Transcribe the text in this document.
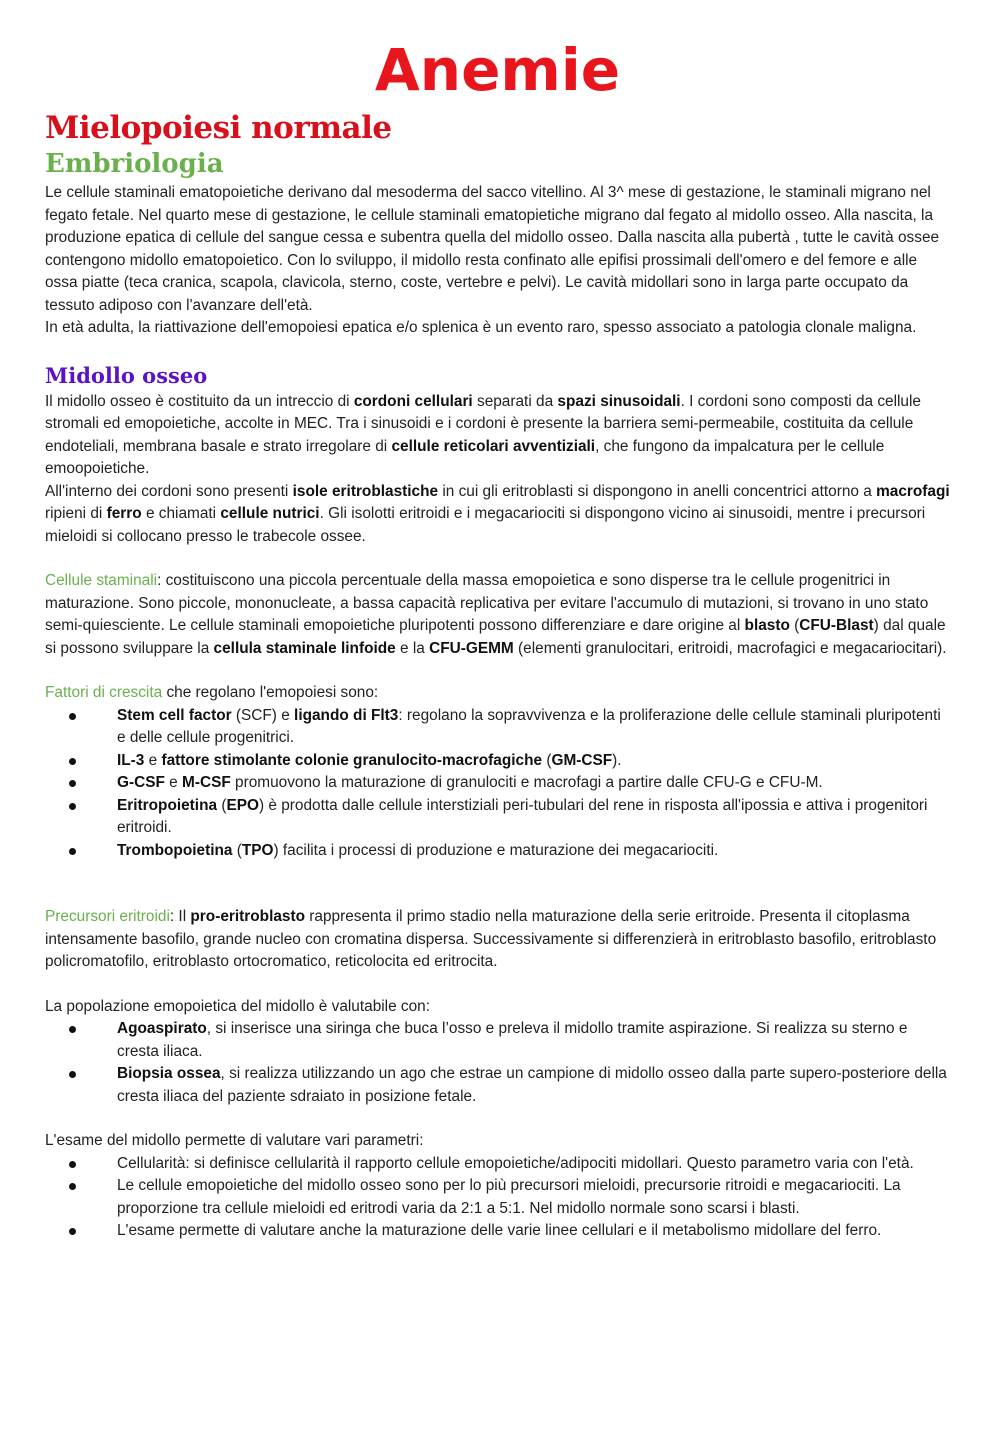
Anemie
Mielopoiesi normale
Embriologia

Le cellule staminali ematopoietiche derivano dal mesoderma del sacco vitellino. Al 3^ mese di gestazione, le staminali migrano nel fegato fetale. Nel quarto mese di gestazione, le cellule staminali ematopietiche migrano dal fegato al midollo osseo. Alla nascita, la produzione epatica di cellule del sangue cessa e subentra quella del midollo osseo. Dalla nascita alla pubertà , tutte le cavità ossee contengono midollo ematopoietico. Con lo sviluppo, il midollo resta confinato alle epifisi prossimali dell'omero e del femore e alle ossa piatte (teca cranica, scapola, clavicola, sterno, coste, vertebre e pelvi). Le cavità midollari sono in larga parte occupato da tessuto adiposo con l'avanzare dell'età.

In età adulta, la riattivazione dell'emopoiesi epatica e/o splenica è un evento raro, spesso associato a patologia clonale maligna.

Midollo osseo

Il midollo osseo è costituito da un intreccio di cordoni cellulari separati da spazi sinusoidali. I cordoni sono composti da cellule stromali ed emopoietiche, accolte in MEC. Tra i sinusoidi e i cordoni è presente la barriera semi-permeabile, costituita da cellule endoteliali, membrana basale e strato irregolare di cellule reticolari avventiziali, che fungono da impalcatura per le cellule emoopoietiche.

All'interno dei cordoni sono presenti isole eritroblastiche in cui gli eritroblasti si dispongono in anelli concentrici attorno a macrofagi ripieni di ferro e chiamati cellule nutrici. Gli isolotti eritroidi e i megacariociti si dispongono vicino ai sinusoidi, mentre i precursori mieloidi si collocano presso le trabecole ossee.

Cellule staminali: costituiscono una piccola percentuale della massa emopoietica e sono disperse tra le cellule progenitrici in maturazione. Sono piccole, mononucleate, a bassa capacità replicativa per evitare l'accumulo di mutazioni, si trovano in uno stato semi-quiesciente. Le cellule staminali emopoietiche pluripotenti possono differenziare e dare origine al blasto (CFU-Blast) dal quale si possono sviluppare la cellula staminale linfoide e la CFU-GEMM (elementi granulocitari, eritroidi, macrofagici e megacariocitari).

Fattori di crescita che regolano l'emopoiesi sono:

Stem cell factor (SCF) e ligando di Flt3: regolano la sopravvivenza e la proliferazione delle cellule staminali pluripotenti e delle cellule progenitrici.
IL-3 e fattore stimolante colonie granulocito-macrofagiche (GM-CSF).
G-CSF e M-CSF promuovono la maturazione di granulociti e macrofagi a partire dalle CFU-G e CFU-M.
Eritropoietina (EPO) è prodotta dalle cellule interstiziali peri-tubulari del rene in risposta all'ipossia e attiva i progenitori eritroidi.
Trombopoietina (TPO) facilita i processi di produzione e maturazione dei megacariociti.

Precursori eritroidi: Il pro-eritroblasto rappresenta il primo stadio nella maturazione della serie eritroide. Presenta il citoplasma intensamente basofilo, grande nucleo con cromatina dispersa. Successivamente si differenzierà in eritroblasto basofilo, eritroblasto policromatofilo, eritroblasto ortocromatico, reticolocita ed eritrocita.

La popolazione emopoietica del midollo è valutabile con:

Agoaspirato, si inserisce una siringa che buca l’osso e preleva il midollo tramite aspirazione. Si realizza su sterno e cresta iliaca.
Biopsia ossea, si realizza utilizzando un ago che estrae un campione di midollo osseo dalla parte supero-posteriore della cresta iliaca del paziente sdraiato in posizione fetale.

L'esame del midollo permette di valutare vari parametri:

Cellularità: si definisce cellularità il rapporto cellule emopoietiche/adipociti midollari. Questo parametro varia con l'età.
Le cellule emopoietiche del midollo osseo sono per lo più precursori mieloidi, precursorie ritroidi e megacariociti. La proporzione tra cellule mieloidi ed eritrodi varia da 2:1 a 5:1. Nel midollo normale sono scarsi i blasti.
L'esame permette di valutare anche la maturazione delle varie linee cellulari e il metabolismo midollare del ferro.
